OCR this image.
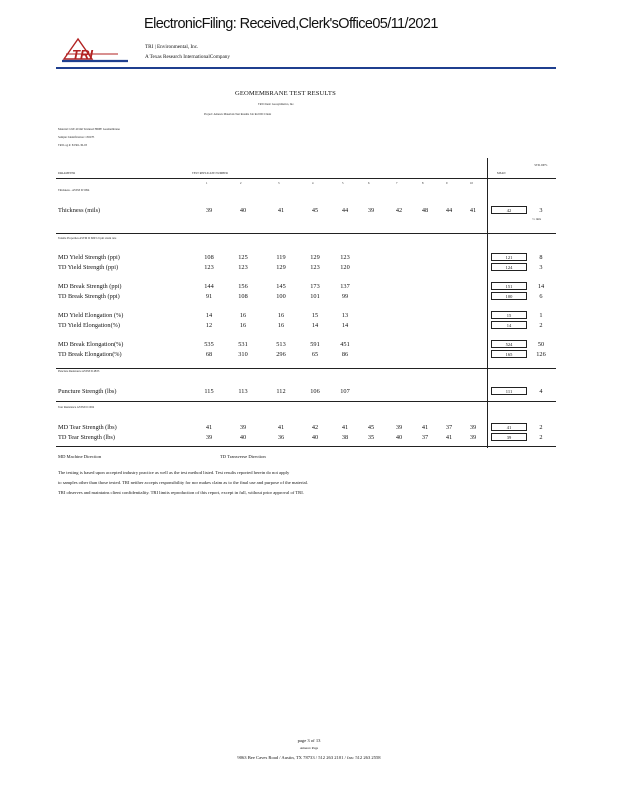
ElectronicFiling: Received,Clerk'sOffice05/11/2021
TRI	TRI | Environmental, Inc.
A Texas Research InternationalCompany
GEOMEMBRANE TEST RESULTS
TRI Client: Geosynthetics, Inc.
Project: Amerex Materials Test Results Job Roll ID Client
Material: GSE 40 mil Textured HDPE Geomembrane
Sample: Identification: 15027E
TRI Log #: E2361-36-03
PARAMETER	TEST REPLICATE NUMBER	MEAN
STD. DEV.
1	2	3	4	5	6	7	8	9	10
Thickness - ASTM D 5994
Thickness (mils)	39	40	41	45	44	39	42	48	44	41	42	3
<= mils
Tensile Properties ASTM D 6693 2 ipm strain rate
MD Yield Strength (ppi)	108	125	119	129	123	121	8
TD Yield Strength (ppi)	123	123	129	123	120	124	3
MD Break Strength (ppi)	144	156	145	173	137	151	14
TD Break Strength (ppi)	91	108	100	101	99	100	6
MD Yield Elongation (%)	14	16	16	15	13	15	1
TD Yield Elongation(%)	12	16	16	14	14	14	2
MD Break Elongation(%)	535	531	513	591	451	524	50
TD Break Elongation(%)	68	310	296	65	86	165	126
Puncture Resistance ASTM D 4833
Puncture Strength (lbs)	115	113	112	106	107	111	4
Tear Resistance ASTM D 1004
MD Tear Strength (lbs)	41	39	41	42	41	45	39	41	37	39	41	2
TD Tear Strength (lbs)	39	40	36	40	38	35	40	37	41	39	39	2
MD Machine Direction	TD Transverse Direction
The testing is based upon accepted industry practice as well as the test method listed. Test results reported herein do not apply
to samples other than those tested. TRI neither accepts responsibility for nor makes claim as to the final use and purpose of the material.
TRI observes and maintains client confidentiality. TRI limits reproduction of this report, except in full, without prior approval of TRI.
page 3 of 13
Amerex Page
9063 Bee Caves Road / Austin, TX 78733 / 512 263 2101 / fax: 512 263 2558
